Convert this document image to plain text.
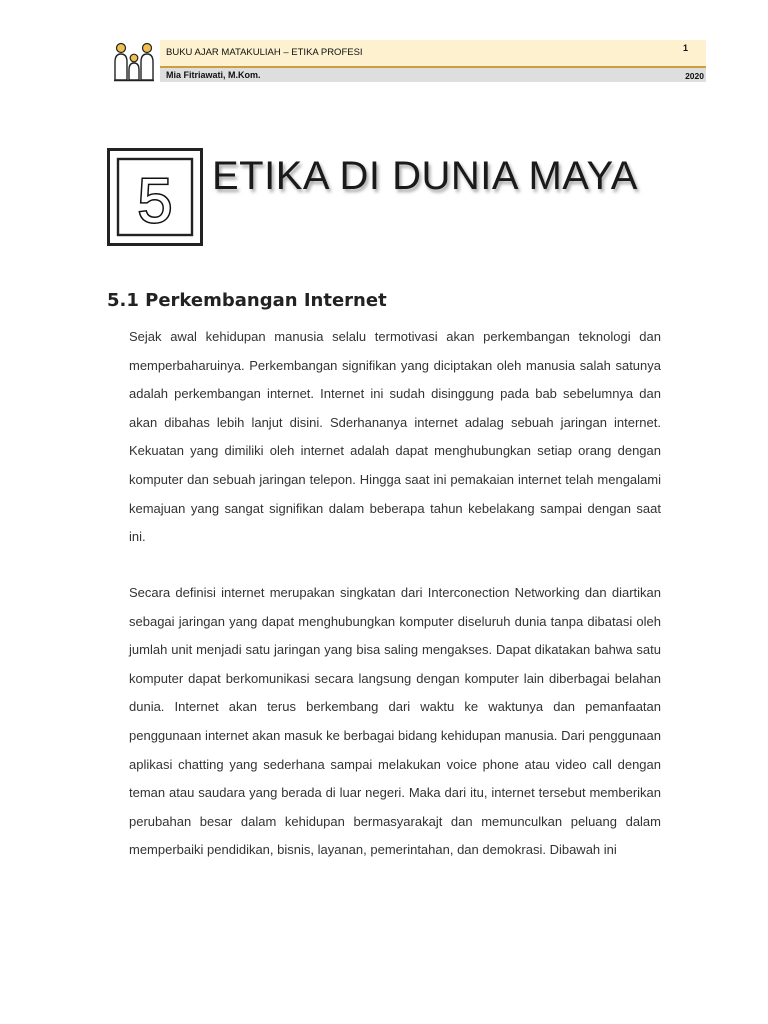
BUKU AJAR MATAKULIAH – ETIKA PROFESI	1
Mia Fitriawati, M.Kom.	2020
5 ETIKA DI DUNIA MAYA
5.1 Perkembangan Internet

Sejak awal kehidupan manusia selalu termotivasi akan perkembangan teknologi dan memperbaharuinya. Perkembangan signifikan yang diciptakan oleh manusia salah satunya adalah perkembangan internet. Internet ini sudah disinggung pada bab sebelumnya dan akan dibahas lebih lanjut disini. Sderhananya internet adalag sebuah jaringan internet. Kekuatan yang dimiliki oleh internet adalah dapat menghubungkan setiap orang dengan komputer dan sebuah jaringan telepon. Hingga saat ini pemakaian internet telah mengalami kemajuan yang sangat signifikan dalam beberapa tahun kebelakang sampai dengan saat ini.

Secara definisi internet merupakan singkatan dari Interconection Networking dan diartikan sebagai jaringan yang dapat menghubungkan komputer diseluruh dunia tanpa dibatasi oleh jumlah unit menjadi satu jaringan yang bisa saling mengakses. Dapat dikatakan bahwa satu komputer dapat berkomunikasi secara langsung dengan komputer lain diberbagai belahan dunia. Internet akan terus berkembang dari waktu ke waktunya dan pemanfaatan penggunaan internet akan masuk ke berbagai bidang kehidupan manusia. Dari penggunaan aplikasi chatting yang sederhana sampai melakukan voice phone atau video call dengan teman atau saudara yang berada di luar negeri. Maka dari itu, internet tersebut memberikan perubahan besar dalam kehidupan bermasyarakajt dan memunculkan peluang dalam memperbaiki pendidikan, bisnis, layanan, pemerintahan, dan demokrasi. Dibawah ini
